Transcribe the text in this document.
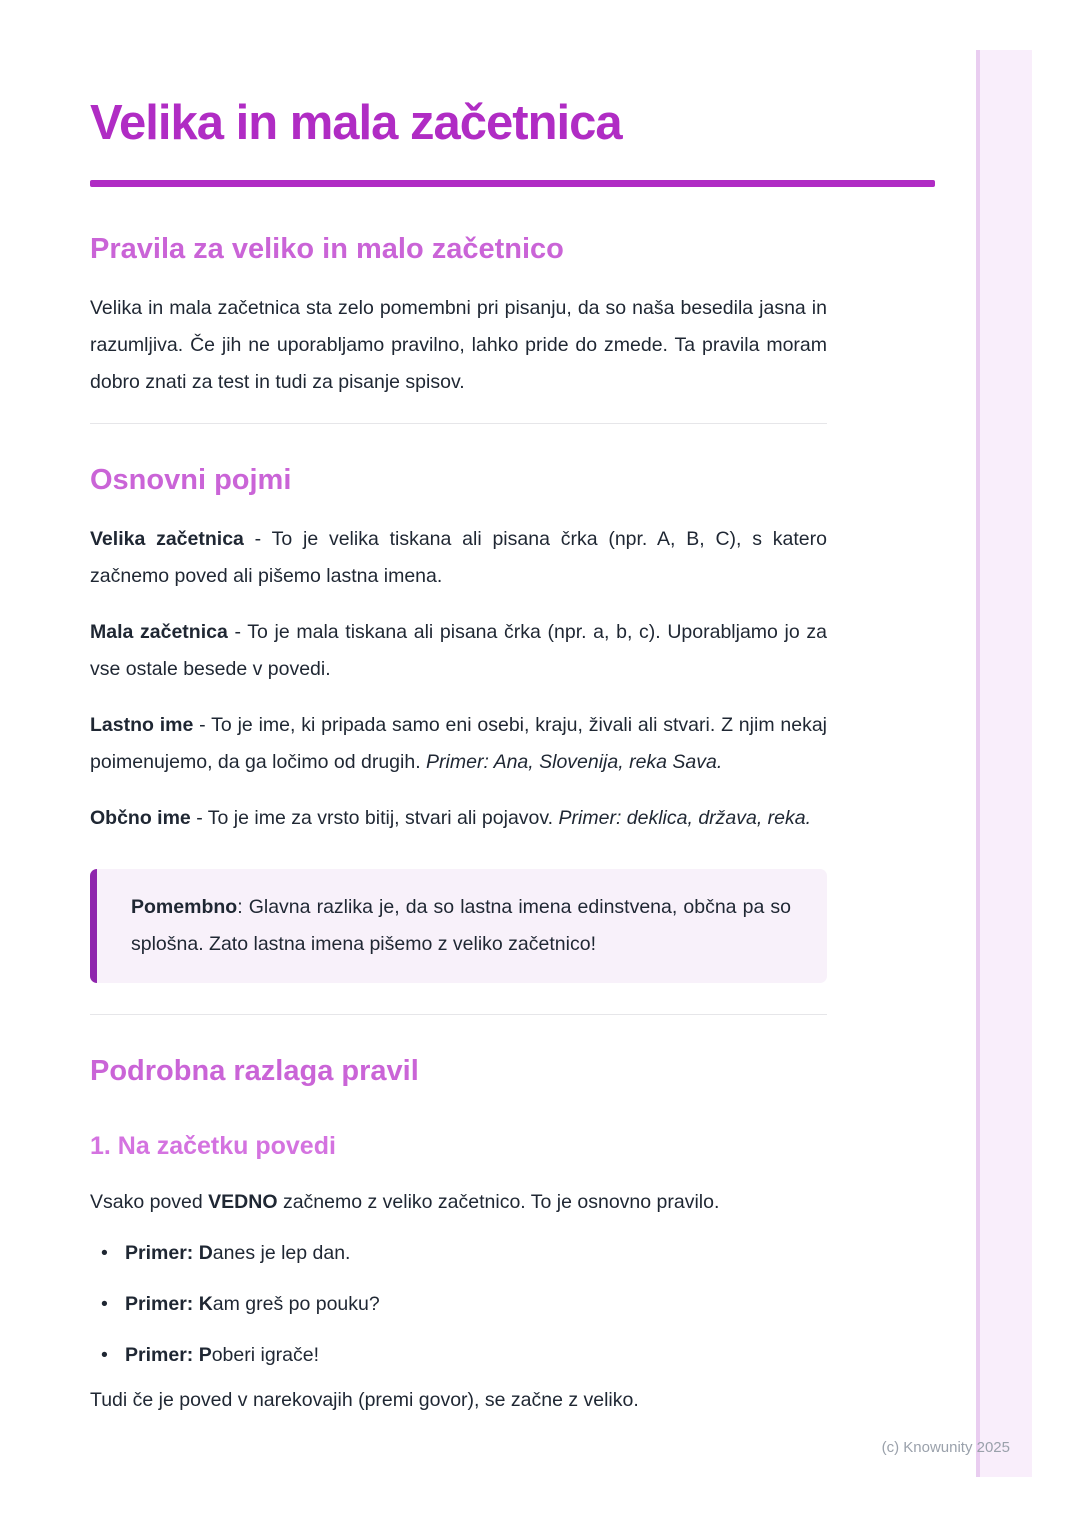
Velika in mala začetnica
Pravila za veliko in malo začetnico

Velika in mala začetnica sta zelo pomembni pri pisanju, da so naša besedila jasna in razumljiva. Če jih ne uporabljamo pravilno, lahko pride do zmede. Ta pravila moram dobro znati za test in tudi za pisanje spisov.

Osnovni pojmi

Velika začetnica - To je velika tiskana ali pisana črka (npr. A, B, C), s katero začnemo poved ali pišemo lastna imena.

Mala začetnica - To je mala tiskana ali pisana črka (npr. a, b, c). Uporabljamo jo za vse ostale besede v povedi.

Lastno ime - To je ime, ki pripada samo eni osebi, kraju, živali ali stvari. Z njim nekaj poimenujemo, da ga ločimo od drugih. Primer: Ana, Slovenija, reka Sava.

Občno ime - To je ime za vrsto bitij, stvari ali pojavov. Primer: deklica, država, reka.

Pomembno: Glavna razlika je, da so lastna imena edinstvena, občna pa so splošna. Zato lastna imena pišemo z veliko začetnico!

Podrobna razlaga pravil
1. Na začetku povedi

Vsako poved VEDNO začnemo z veliko začetnico. To je osnovno pravilo.

• Primer: Danes je lep dan.
• Primer: Kam greš po pouku?
• Primer: Poberi igrače!

Tudi če je poved v narekovajih (premi govor), se začne z veliko.

(c) Knowunity 2025
